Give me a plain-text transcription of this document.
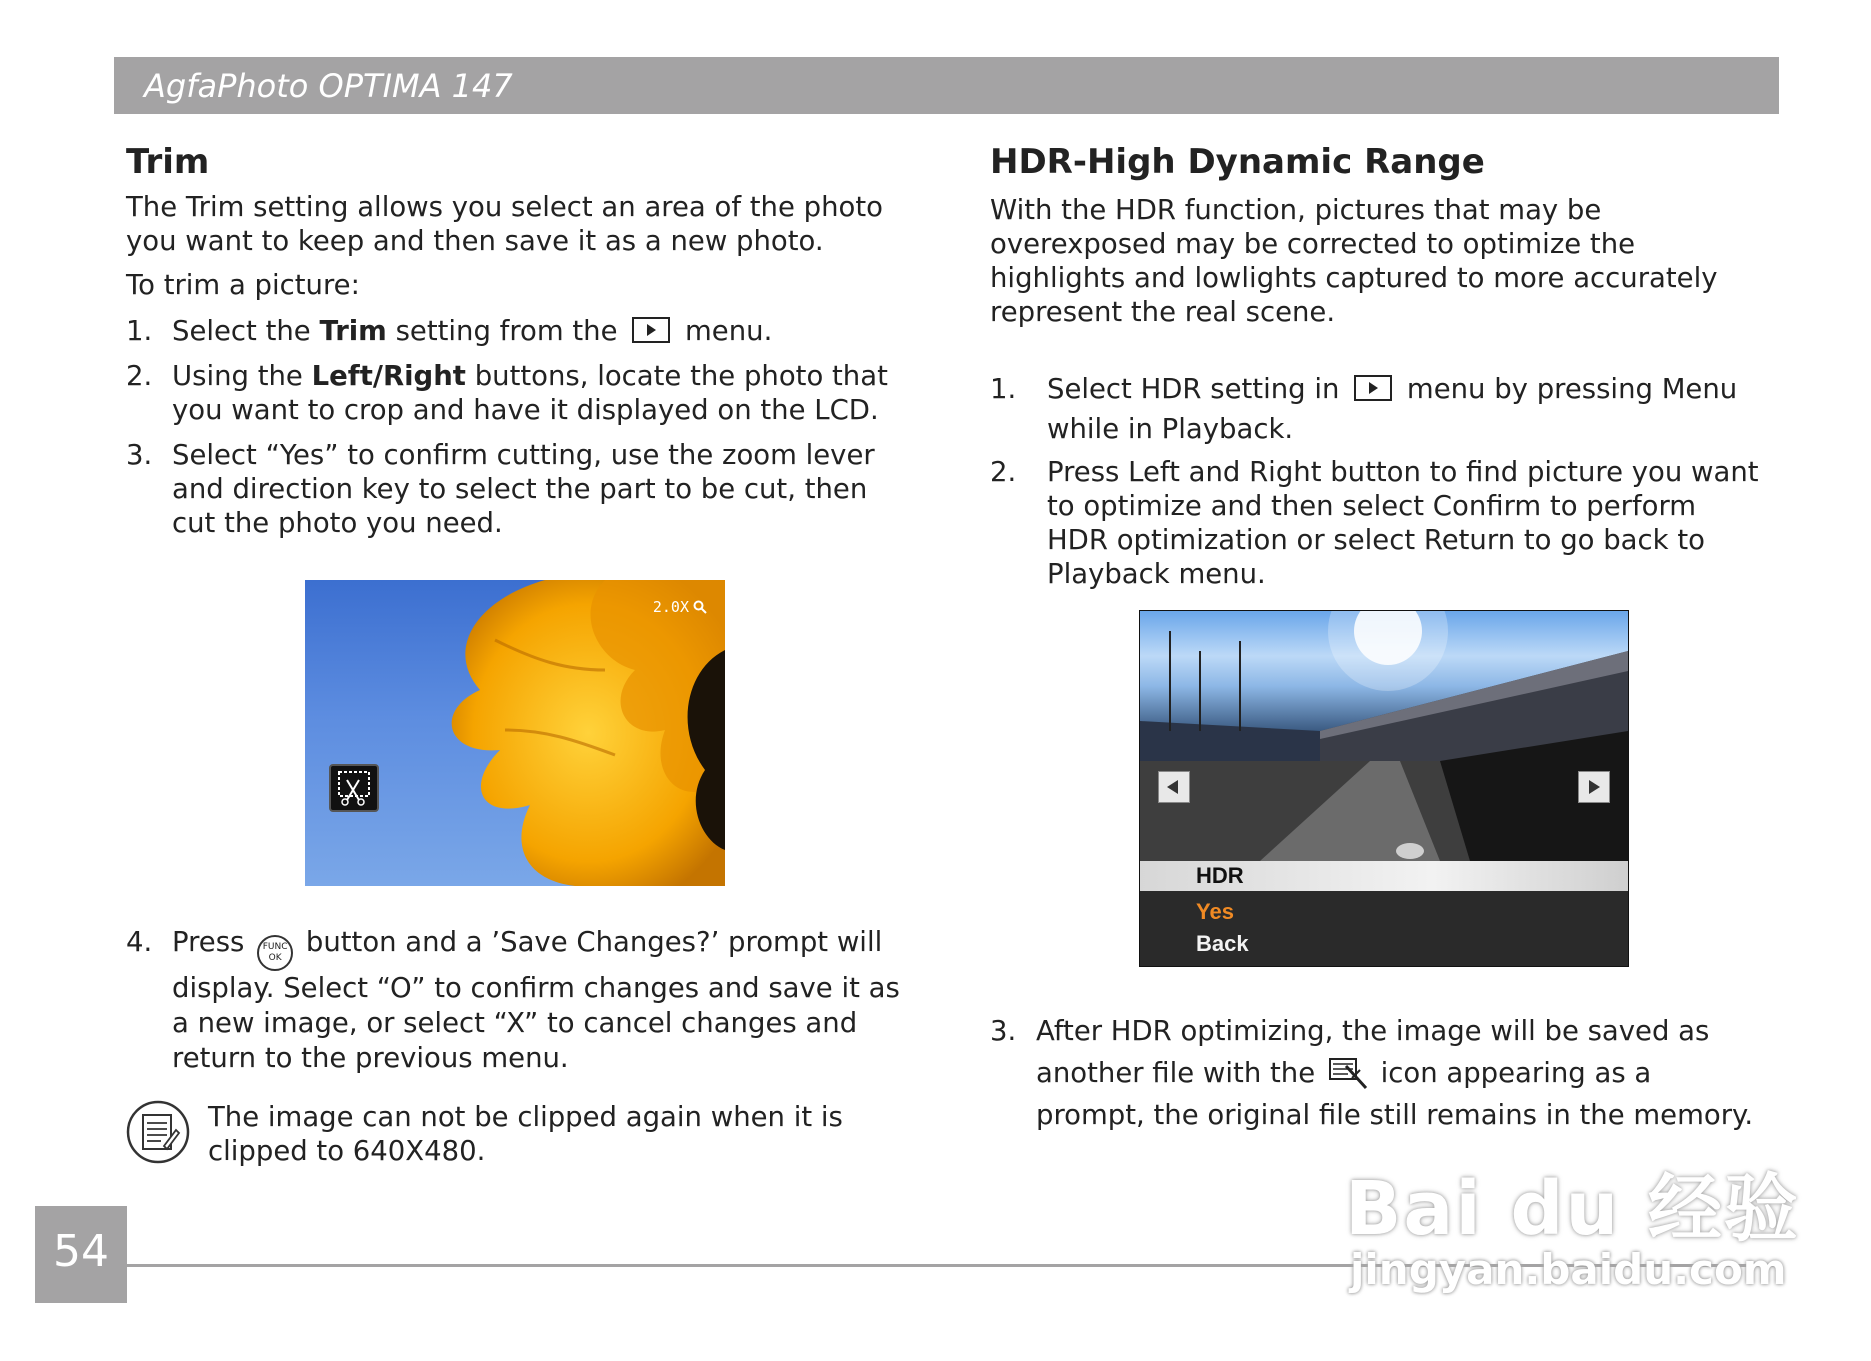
AgfaPhoto OPTIMA 147
Trim

The Trim setting allows you select an area of the photo you want to keep and then save it as a new photo.

To trim a picture:

1. Select the Trim setting from the  menu.
2. Using the Left/Right buttons, locate the photo that you want to crop and have it displayed on the LCD.
3. Select “Yes” to confirm cutting, use the zoom lever and direction key to select the part to be cut, then cut the photo you need.
2.0X
4. Press	FUNC
OK button and a ’Save Changes?’ prompt will display. Select “O” to confirm changes and save it as a new image, or select “X” to cancel changes and return to the previous menu.

The image can not be clipped again when it is clipped to 640X480.

HDR-High Dynamic Range

With the HDR function, pictures that may be overexposed may be corrected to optimize the highlights and lowlights captured to more accurately represent the real scene.

1. Select HDR setting in  menu by pressing Menu while in Playback.
2. Press Left and Right button to find picture you want to optimize and then select Confirm to perform HDR optimization or select Return to go back to Playback menu.
HDR
Yes
Back
3. After HDR optimizing, the image will be saved as another file with the  icon appearing as a prompt, the original file still remains in the memory.
54	Bai du 经验
jingyan.baidu.com
